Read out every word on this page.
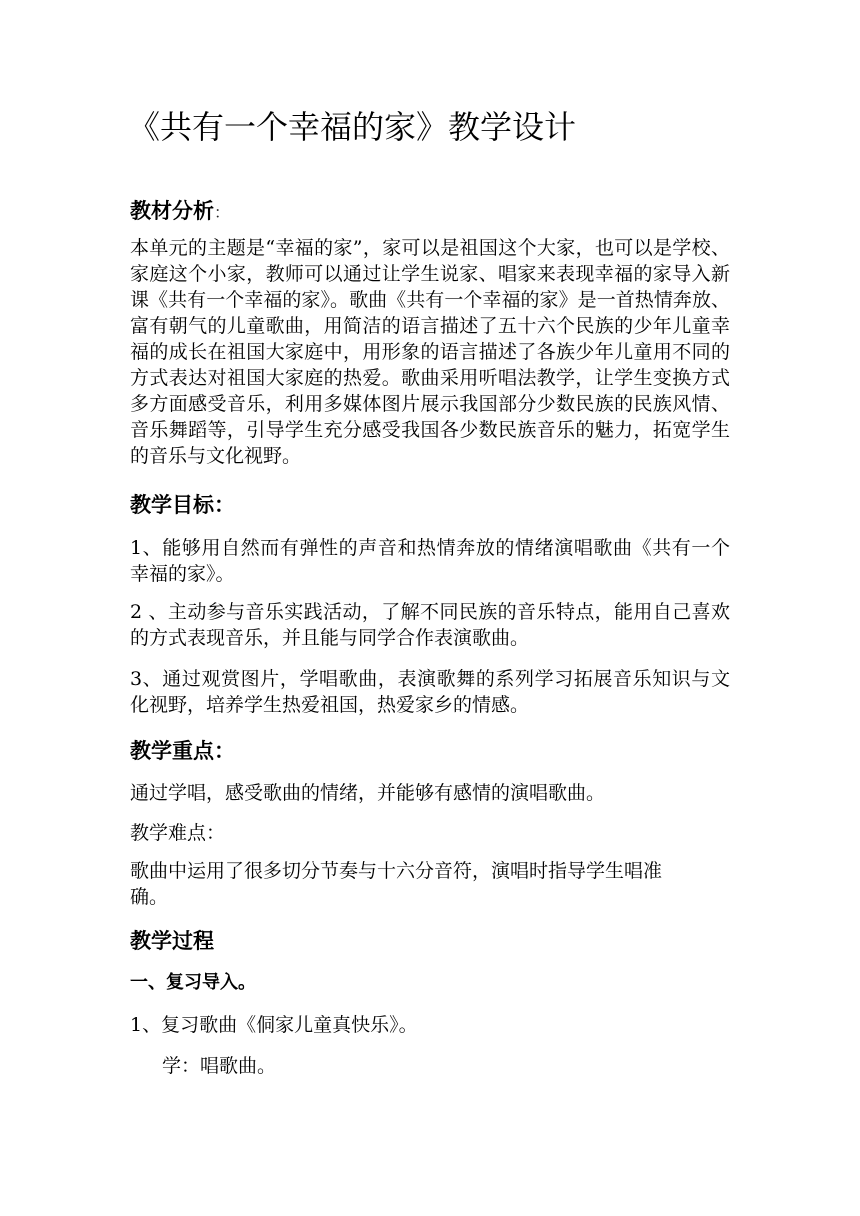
《共有一个幸福的家》教学设计
教材分析：

本单元的主题是“幸福的家”，家可以是祖国这个大家，也可以是学校、家庭这个小家，教师可以通过让学生说家、唱家来表现幸福的家导入新课《共有一个幸福的家》。歌曲《共有一个幸福的家》是一首热情奔放、富有朝气的儿童歌曲，用简洁的语言描述了五十六个民族的少年儿童幸福的成长在祖国大家庭中，用形象的语言描述了各族少年儿童用不同的方式表达对祖国大家庭的热爱。歌曲采用听唱法教学，让学生变换方式多方面感受音乐，利用多媒体图片展示我国部分少数民族的民族风情、音乐舞蹈等，引导学生充分感受我国各少数民族音乐的魅力，拓宽学生的音乐与文化视野。

教学目标：

1、能够用自然而有弹性的声音和热情奔放的情绪演唱歌曲《共有一个幸福的家》。

2 、主动参与音乐实践活动，了解不同民族的音乐特点，能用自己喜欢的方式表现音乐，并且能与同学合作表演歌曲。

3、通过观赏图片，学唱歌曲，表演歌舞的系列学习拓展音乐知识与文化视野，培养学生热爱祖国，热爱家乡的情感。

教学重点：

通过学唱，感受歌曲的情绪，并能够有感情的演唱歌曲。

教学难点：

歌曲中运用了很多切分节奏与十六分音符，演唱时指导学生唱准

确。

教学过程
一、复习导入。

1、复习歌曲《侗家儿童真快乐》。

学：唱歌曲。
